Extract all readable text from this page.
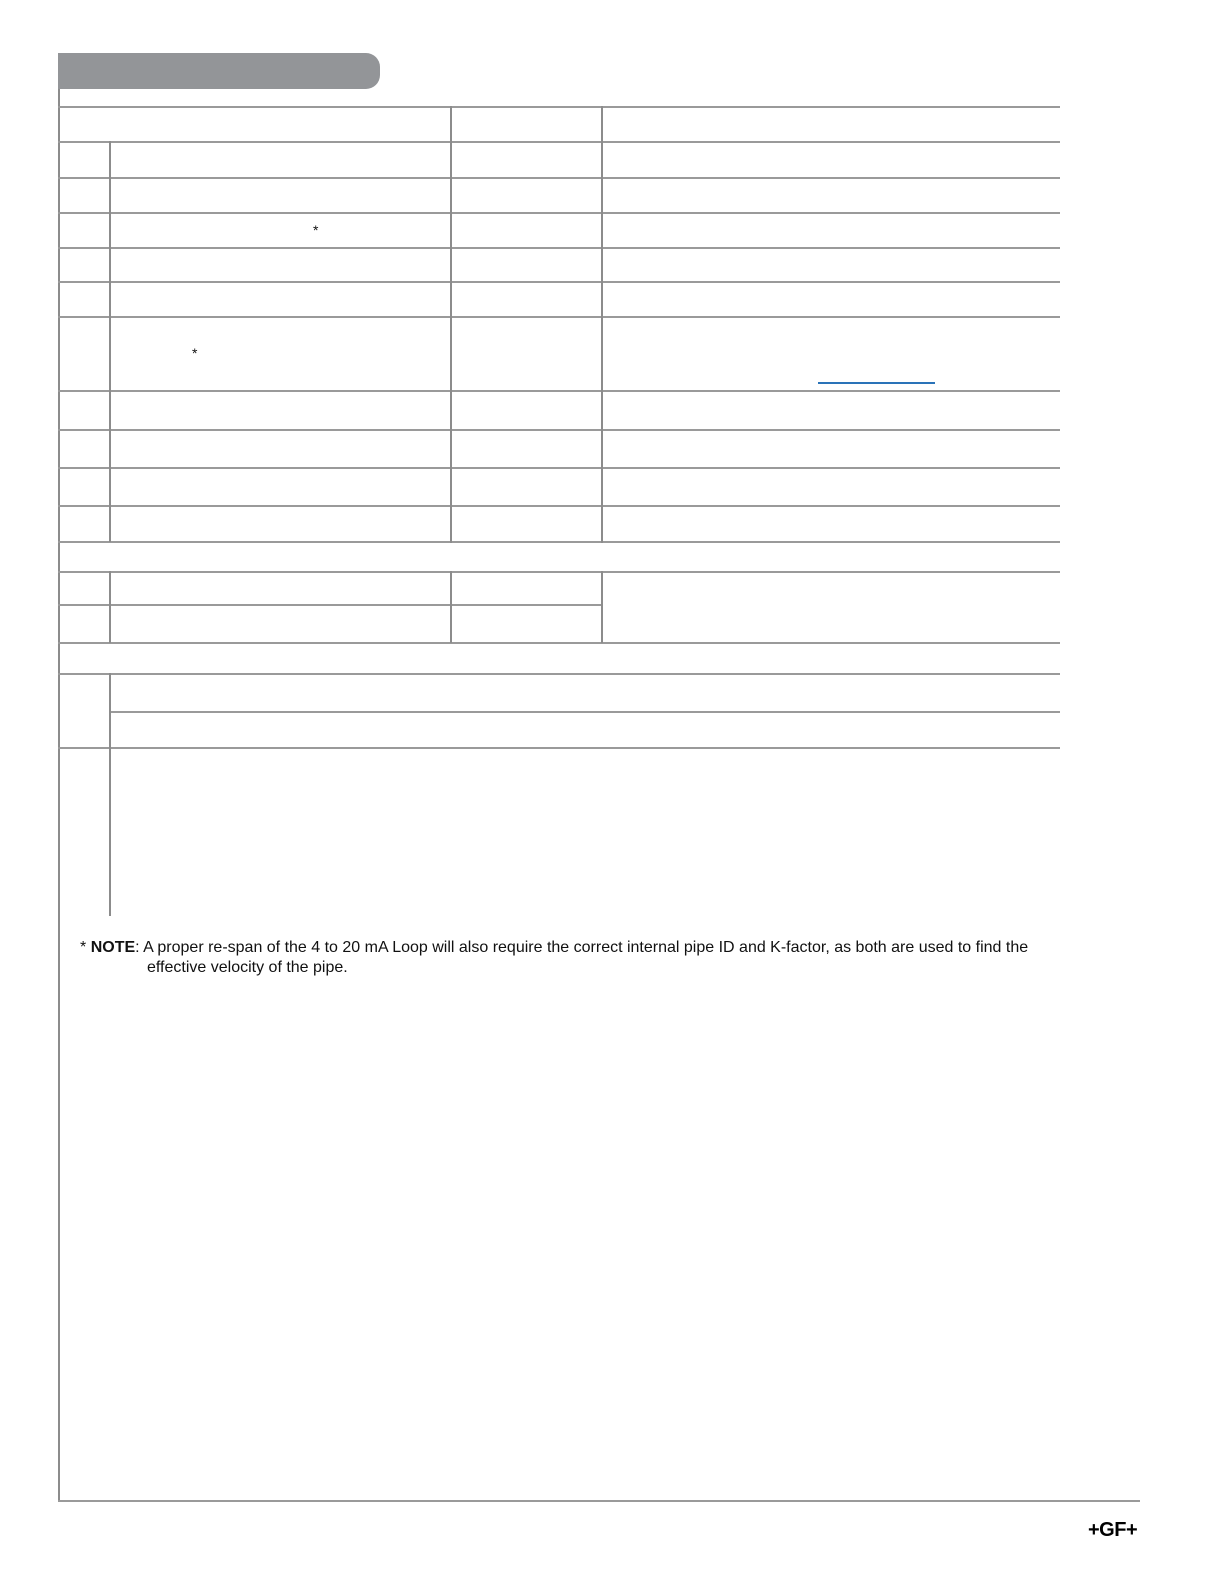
*
*
* NOTE: A proper re-span of the 4 to 20 mA Loop will also require the correct internal pipe ID and K-factor, as both are used to find the
effective velocity of the pipe.
+GF+
